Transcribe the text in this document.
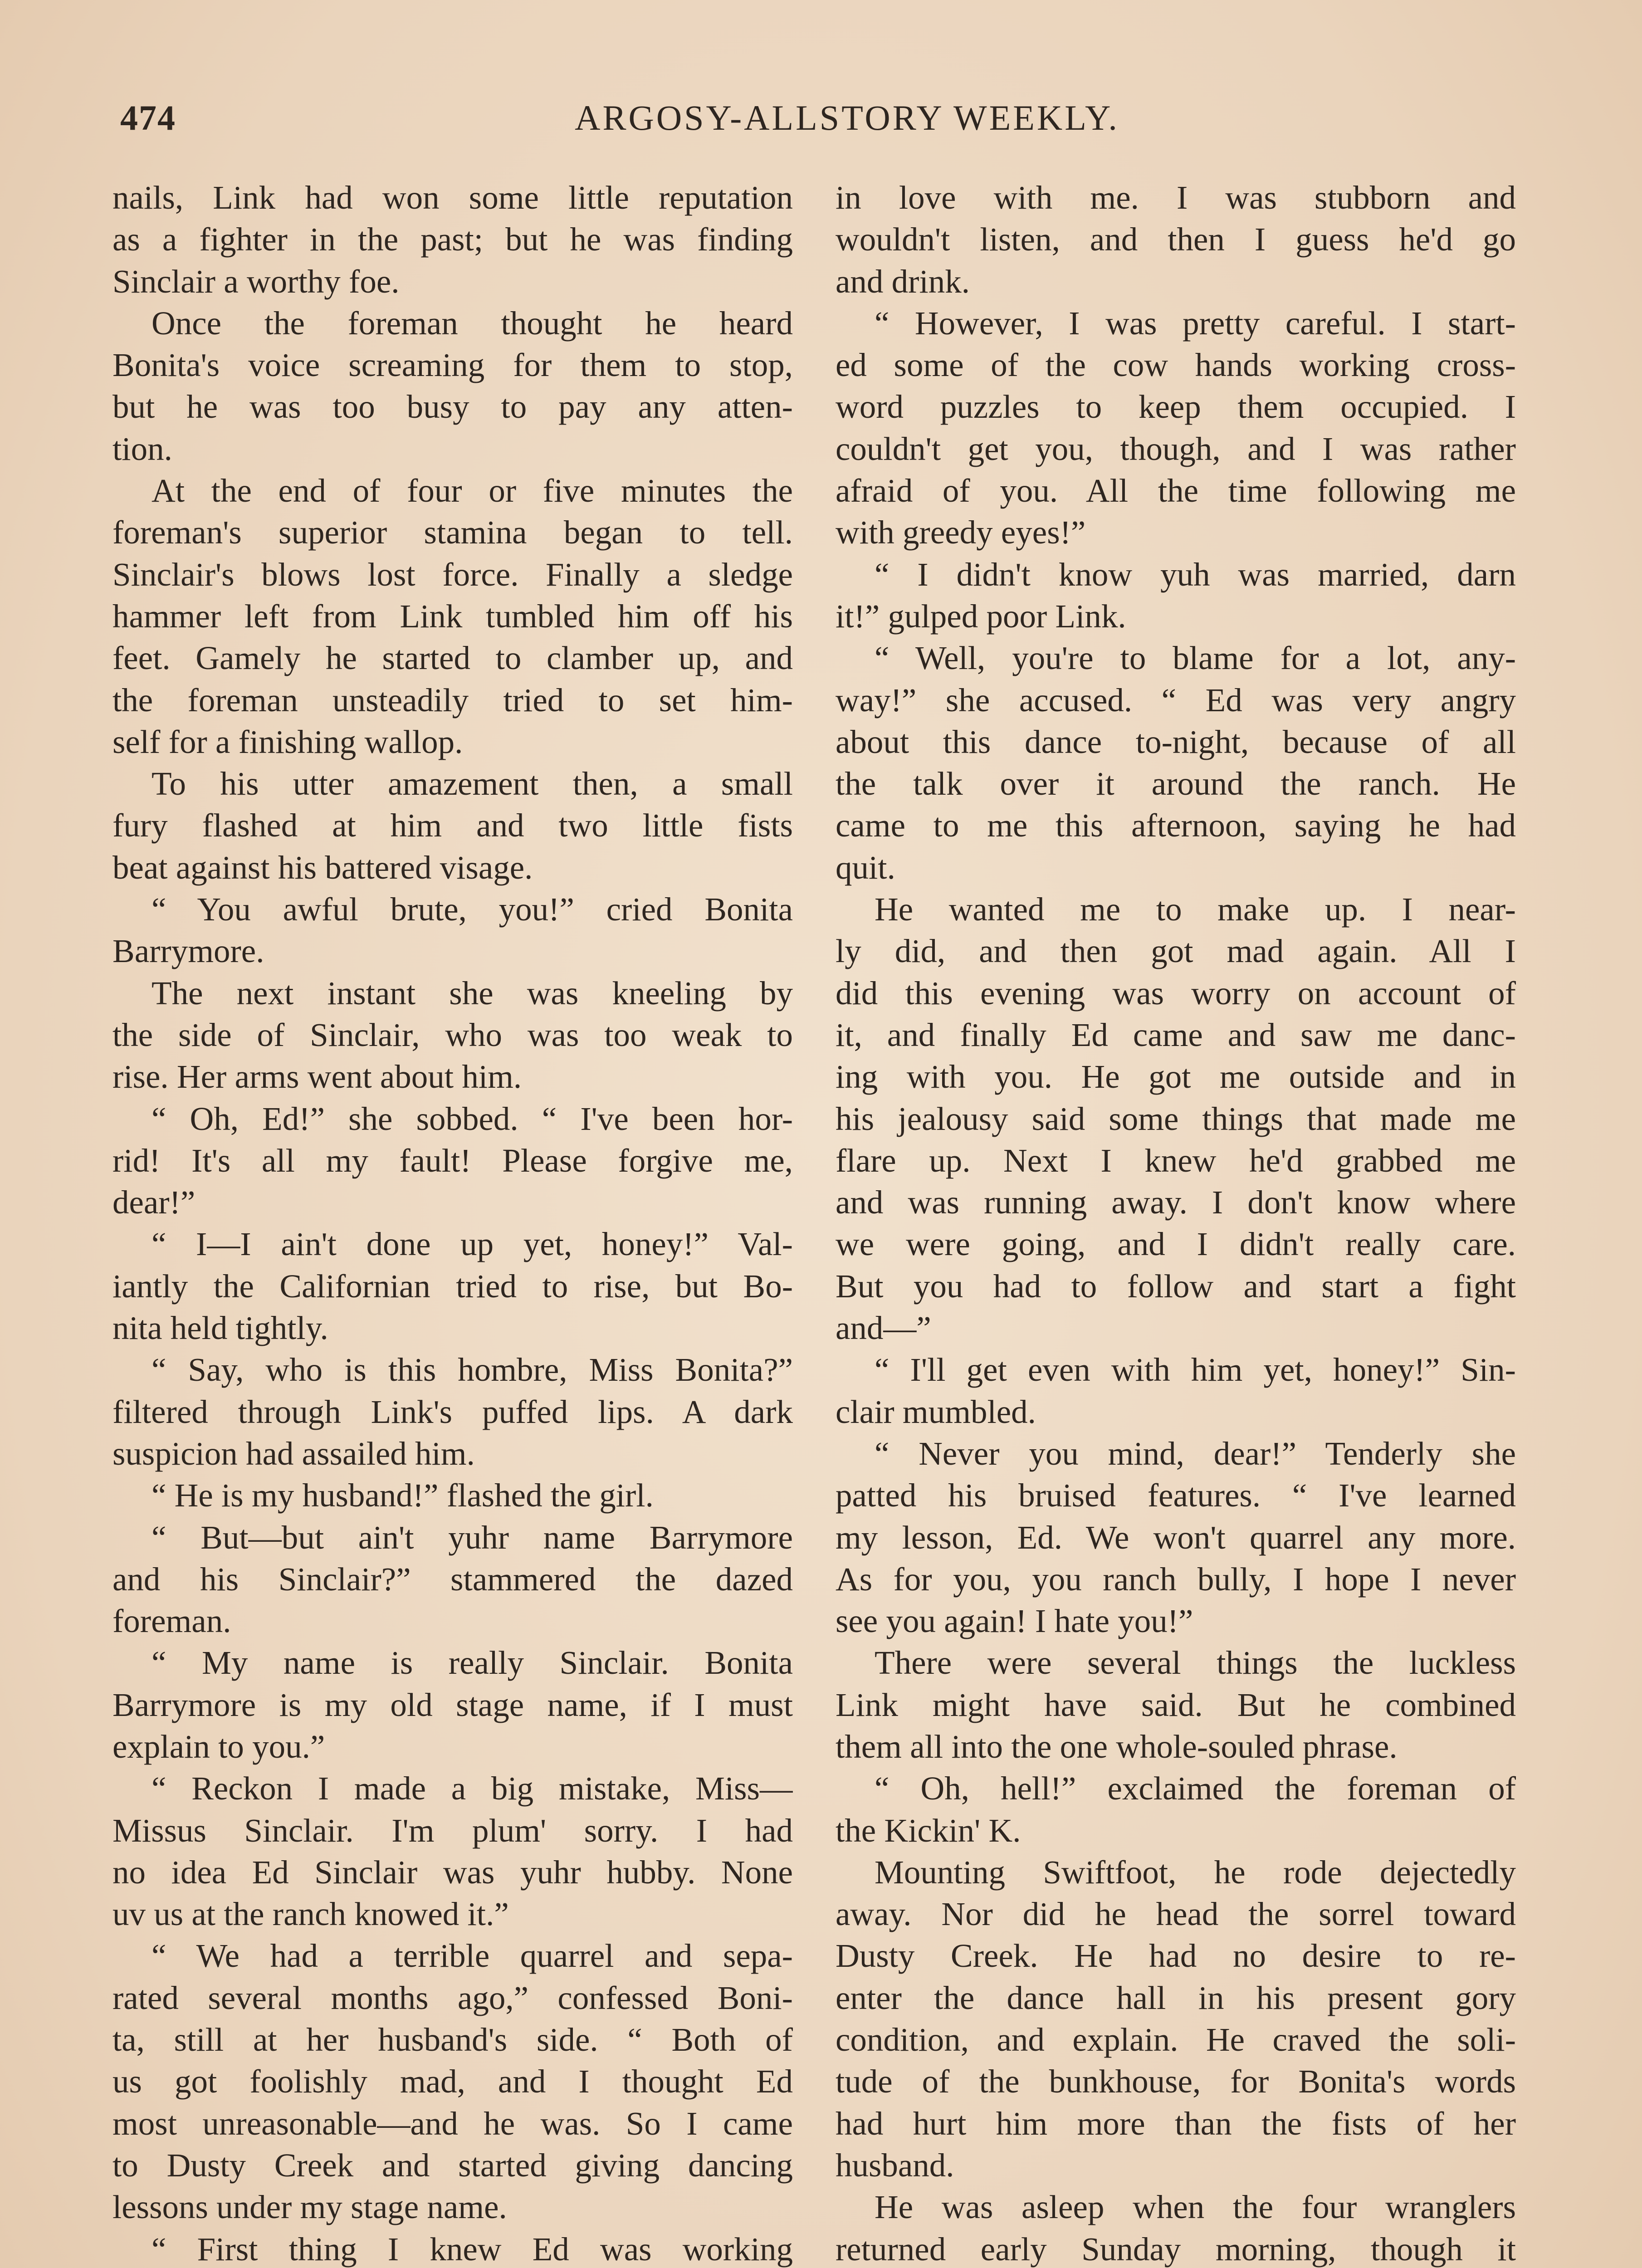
474	ARGOSY-ALLSTORY WEEKLY.
nails, Link had won some little reputation
as a fighter in the past; but he was finding
Sinclair a worthy foe.
Once the foreman thought he heard
Bonita's voice screaming for them to stop,
but he was too busy to pay any atten-
tion.
At the end of four or five minutes the
foreman's superior stamina began to tell.
Sinclair's blows lost force. Finally a sledge
hammer left from Link tumbled him off his
feet. Gamely he started to clamber up, and
the foreman unsteadily tried to set him-
self for a finishing wallop.
To his utter amazement then, a small
fury flashed at him and two little fists
beat against his battered visage.
“ You awful brute, you!” cried Bonita
Barrymore.
The next instant she was kneeling by
the side of Sinclair, who was too weak to
rise. Her arms went about him.
“ Oh, Ed!” she sobbed. “ I've been hor-
rid! It's all my fault! Please forgive me,
dear!”
“ I—I ain't done up yet, honey!” Val-
iantly the Californian tried to rise, but Bo-
nita held tightly.
“ Say, who is this hombre, Miss Bonita?”
filtered through Link's puffed lips. A dark
suspicion had assailed him.
“ He is my husband!” flashed the girl.
“ But—but ain't yuhr name Barrymore
and his Sinclair?” stammered the dazed
foreman.
“ My name is really Sinclair. Bonita
Barrymore is my old stage name, if I must
explain to you.”
“ Reckon I made a big mistake, Miss—
Missus Sinclair. I'm plum' sorry. I had
no idea Ed Sinclair was yuhr hubby. None
uv us at the ranch knowed it.”
“ We had a terrible quarrel and sepa-
rated several months ago,” confessed Boni-
ta, still at her husband's side. “ Both of
us got foolishly mad, and I thought Ed
most unreasonable—and he was. So I came
to Dusty Creek and started giving dancing
lessons under my stage name.
“ First thing I knew Ed was working
in love with me. I was stubborn and
wouldn't listen, and then I guess he'd go
and drink.
“ However, I was pretty careful. I start-
ed some of the cow hands working cross-
word puzzles to keep them occupied. I
couldn't get you, though, and I was rather
afraid of you. All the time following me
with greedy eyes!”
“ I didn't know yuh was married, darn
it!” gulped poor Link.
“ Well, you're to blame for a lot, any-
way!” she accused. “ Ed was very angry
about this dance to-night, because of all
the talk over it around the ranch. He
came to me this afternoon, saying he had
quit.
He wanted me to make up. I near-
ly did, and then got mad again. All I
did this evening was worry on account of
it, and finally Ed came and saw me danc-
ing with you. He got me outside and in
his jealousy said some things that made me
flare up. Next I knew he'd grabbed me
and was running away. I don't know where
we were going, and I didn't really care.
But you had to follow and start a fight
and—”
“ I'll get even with him yet, honey!” Sin-
clair mumbled.
“ Never you mind, dear!” Tenderly she
patted his bruised features. “ I've learned
my lesson, Ed. We won't quarrel any more.
As for you, you ranch bully, I hope I never
see you again! I hate you!”
There were several things the luckless
Link might have said. But he combined
them all into the one whole-souled phrase.
“ Oh, hell!” exclaimed the foreman of
the Kickin' K.
Mounting Swiftfoot, he rode dejectedly
away. Nor did he head the sorrel toward
Dusty Creek. He had no desire to re-
enter the dance hall in his present gory
condition, and explain. He craved the soli-
tude of the bunkhouse, for Bonita's words
had hurt him more than the fists of her
husband.
He was asleep when the four wranglers
returned early Sunday morning, though it
